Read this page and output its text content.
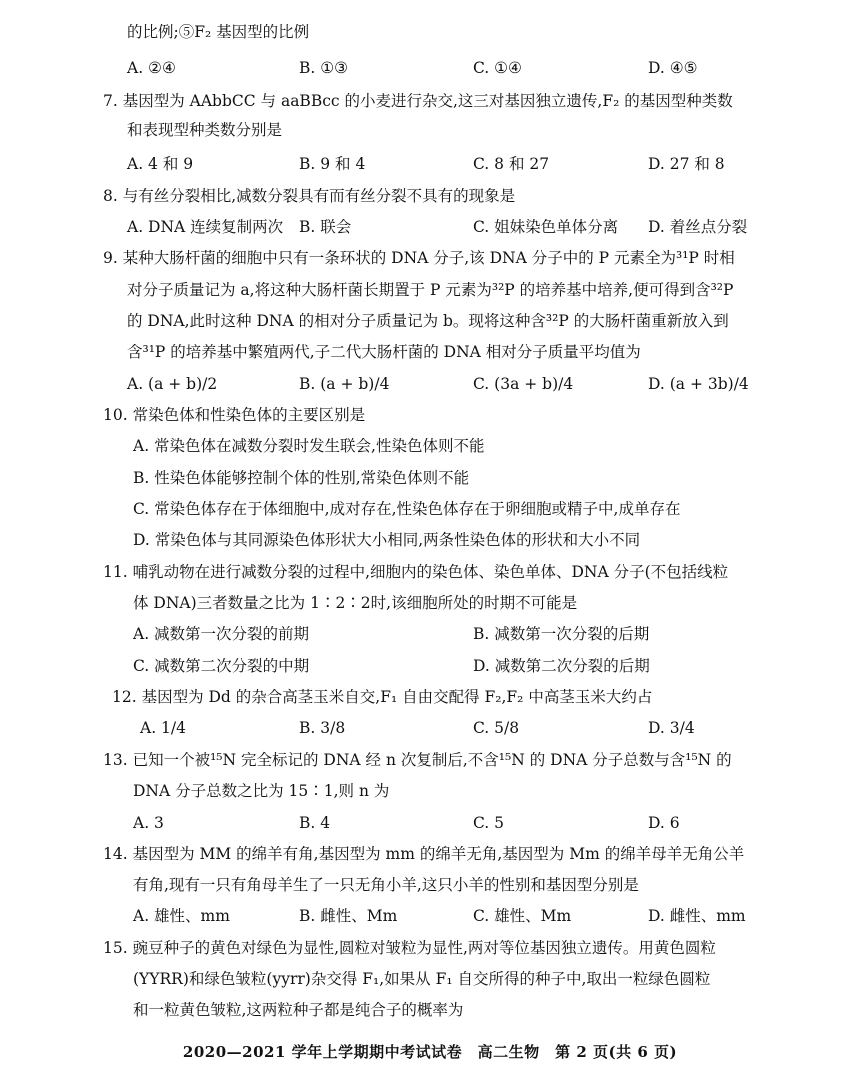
的比例;⑤F₂ 基因型的比例
A. ②④	B. ①③	C. ①④	D. ④⑤
7. 基因型为 AAbbCC 与 aaBBcc 的小麦进行杂交,这三对基因独立遗传,F₂ 的基因型种类数
和表现型种类数分别是
A. 4 和 9	B. 9 和 4	C. 8 和 27	D. 27 和 8
8. 与有丝分裂相比,减数分裂具有而有丝分裂不具有的现象是
A. DNA 连续复制两次 B. 联会	C. 姐妹染色单体分离 D. 着丝点分裂
9. 某种大肠杆菌的细胞中只有一条环状的 DNA 分子,该 DNA 分子中的 P 元素全为³¹P 时相
对分子质量记为 a,将这种大肠杆菌长期置于 P 元素为³²P 的培养基中培养,便可得到含³²P
的 DNA,此时这种 DNA 的相对分子质量记为 b。现将这种含³²P 的大肠杆菌重新放入到
含³¹P 的培养基中繁殖两代,子二代大肠杆菌的 DNA 相对分子质量平均值为
A. (a + b)/2	B. (a + b)/4	C. (3a + b)/4	D. (a + 3b)/4
10. 常染色体和性染色体的主要区别是
A. 常染色体在减数分裂时发生联会,性染色体则不能
B. 性染色体能够控制个体的性别,常染色体则不能
C. 常染色体存在于体细胞中,成对存在,性染色体存在于卵细胞或精子中,成单存在
D. 常染色体与其同源染色体形状大小相同,两条性染色体的形状和大小不同
11. 哺乳动物在进行减数分裂的过程中,细胞内的染色体、染色单体、DNA 分子(不包括线粒
体 DNA)三者数量之比为 1∶2∶2时,该细胞所处的时期不可能是
A. 减数第一次分裂的前期	B. 减数第一次分裂的后期
C. 减数第二次分裂的中期	D. 减数第二次分裂的后期
12. 基因型为 Dd 的杂合高茎玉米自交,F₁ 自由交配得 F₂,F₂ 中高茎玉米大约占
A. 1/4	B. 3/8	C. 5/8	D. 3/4
13. 已知一个被¹⁵N 完全标记的 DNA 经 n 次复制后,不含¹⁵N 的 DNA 分子总数与含¹⁵N 的
DNA 分子总数之比为 15∶1,则 n 为
A. 3	B. 4	C. 5	D. 6
14. 基因型为 MM 的绵羊有角,基因型为 mm 的绵羊无角,基因型为 Mm 的绵羊母羊无角公羊
有角,现有一只有角母羊生了一只无角小羊,这只小羊的性别和基因型分别是
A. 雄性、mm	B. 雌性、Mm	C. 雄性、Mm	D. 雌性、mm
15. 豌豆种子的黄色对绿色为显性,圆粒对皱粒为显性,两对等位基因独立遗传。用黄色圆粒
(YYRR)和绿色皱粒(yyrr)杂交得 F₁,如果从 F₁ 自交所得的种子中,取出一粒绿色圆粒
和一粒黄色皱粒,这两粒种子都是纯合子的概率为
2020—2021 学年上学期期中考试试卷　高二生物　第 2 页(共 6 页)
